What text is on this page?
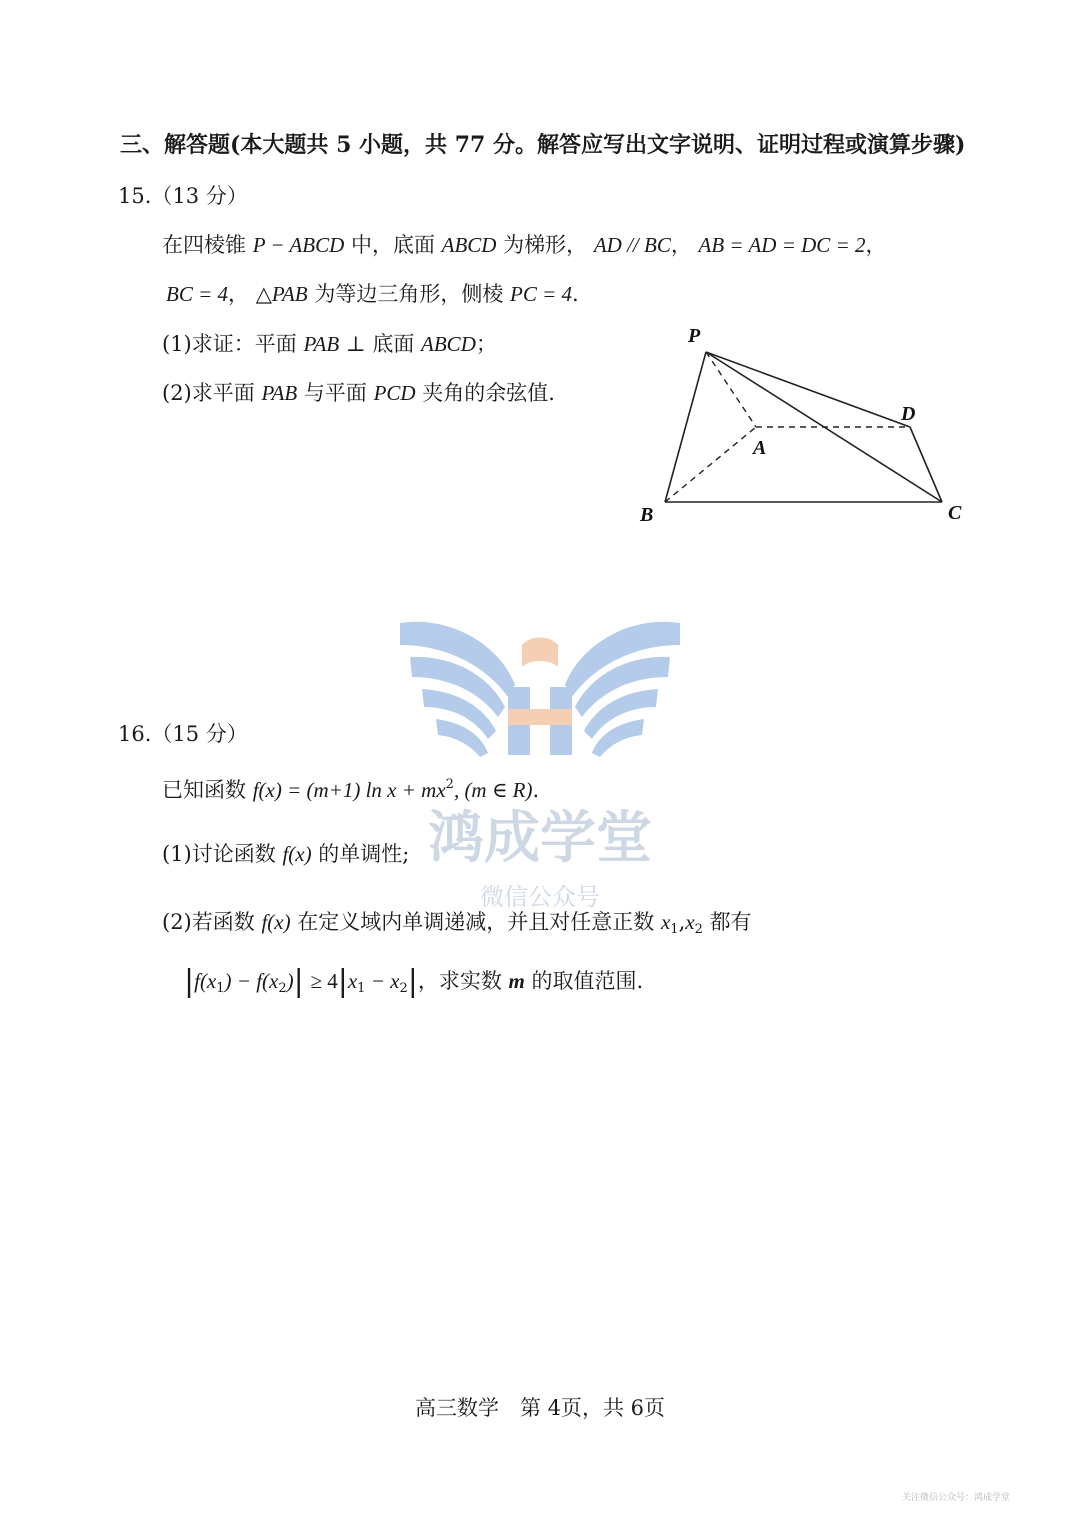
三、解答题(本大题共 5 小题，共 77 分。解答应写出文字说明、证明过程或演算步骤)
15.（13 分）
在四棱锥 P − ABCD 中，底面 ABCD 为梯形， AD // BC， AB = AD = DC = 2，
BC = 4， △PAB 为等边三角形，侧棱 PC = 4.
(1)求证：平面 PAB ⊥ 底面 ABCD；
(2)求平面 PAB 与平面 PCD 夹角的余弦值.
P
A
B	C
D
鸿成学堂
微信公众号
16.（15 分）
已知函数 f(x) = (m+1) $\ln x + mx^2$, (m ∈ R).
(1)讨论函数 f(x) 的单调性;
(2)若函数 f(x) 在定义域内单调递减，并且对任意正数 $x_1,x_2$ 都有
$|f(x_1) - f(x_2)| \ge 4|x_1 - x_2|$，求实数 m 的取值范围.
高三数学　第 4页，共 6页
关注微信公众号：鸿成学堂
